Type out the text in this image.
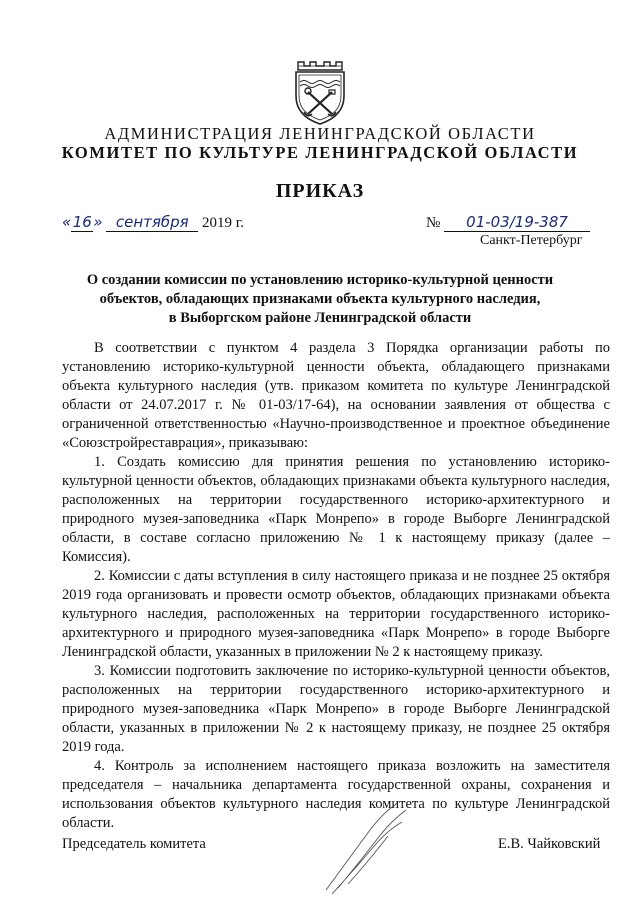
АДМИНИСТРАЦИЯ ЛЕНИНГРАДСКОЙ ОБЛАСТИ
КОМИТЕТ ПО КУЛЬТУРЕ ЛЕНИНГРАДСКОЙ ОБЛАСТИ
ПРИКАЗ
«16» сентября 2019 г.	№ 01-03/19-387
Санкт-Петербург
О создании комиссии по установлению историко-культурной ценности
объектов, обладающих признаками объекта культурного наследия,
в Выборгском районе Ленинградской области

В соответствии с пунктом 4 раздела 3 Порядка организации работы по установлению историко-культурной ценности объекта, обладающего признаками объекта культурного наследия (утв. приказом комитета по культуре Ленинградской области от 24.07.2017 г. № 01-03/17-64), на основании заявления от общества с ограниченной ответственностью «Научно-производственное и проектное объединение «Союзстройреставрация», приказываю:

1. Создать комиссию для принятия решения по установлению историко-культурной ценности объектов, обладающих признаками объекта культурного наследия, расположенных на территории государственного историко-архитектурного и природного музея-заповедника «Парк Монрепо» в городе Выборге Ленинградской области, в составе согласно приложению № 1 к настоящему приказу (далее – Комиссия).

2. Комиссии с даты вступления в силу настоящего приказа и не позднее 25 октября 2019 года организовать и провести осмотр объектов, обладающих признаками объекта культурного наследия, расположенных на территории государственного историко-архитектурного и природного музея-заповедника «Парк Монрепо» в городе Выборге Ленинградской области, указанных в приложении № 2 к настоящему приказу.

3. Комиссии подготовить заключение по историко-культурной ценности объектов, расположенных на территории государственного историко-архитектурного и природного музея-заповедника «Парк Монрепо» в городе Выборге Ленинградской области, указанных в приложении № 2 к настоящему приказу, не позднее 25 октября 2019 года.

4. Контроль за исполнением настоящего приказа возложить на заместителя председателя – начальника департамента государственной охраны, сохранения и использования объектов культурного наследия комитета по культуре Ленинградской области.

Председатель комитета	Е.В. Чайковский
